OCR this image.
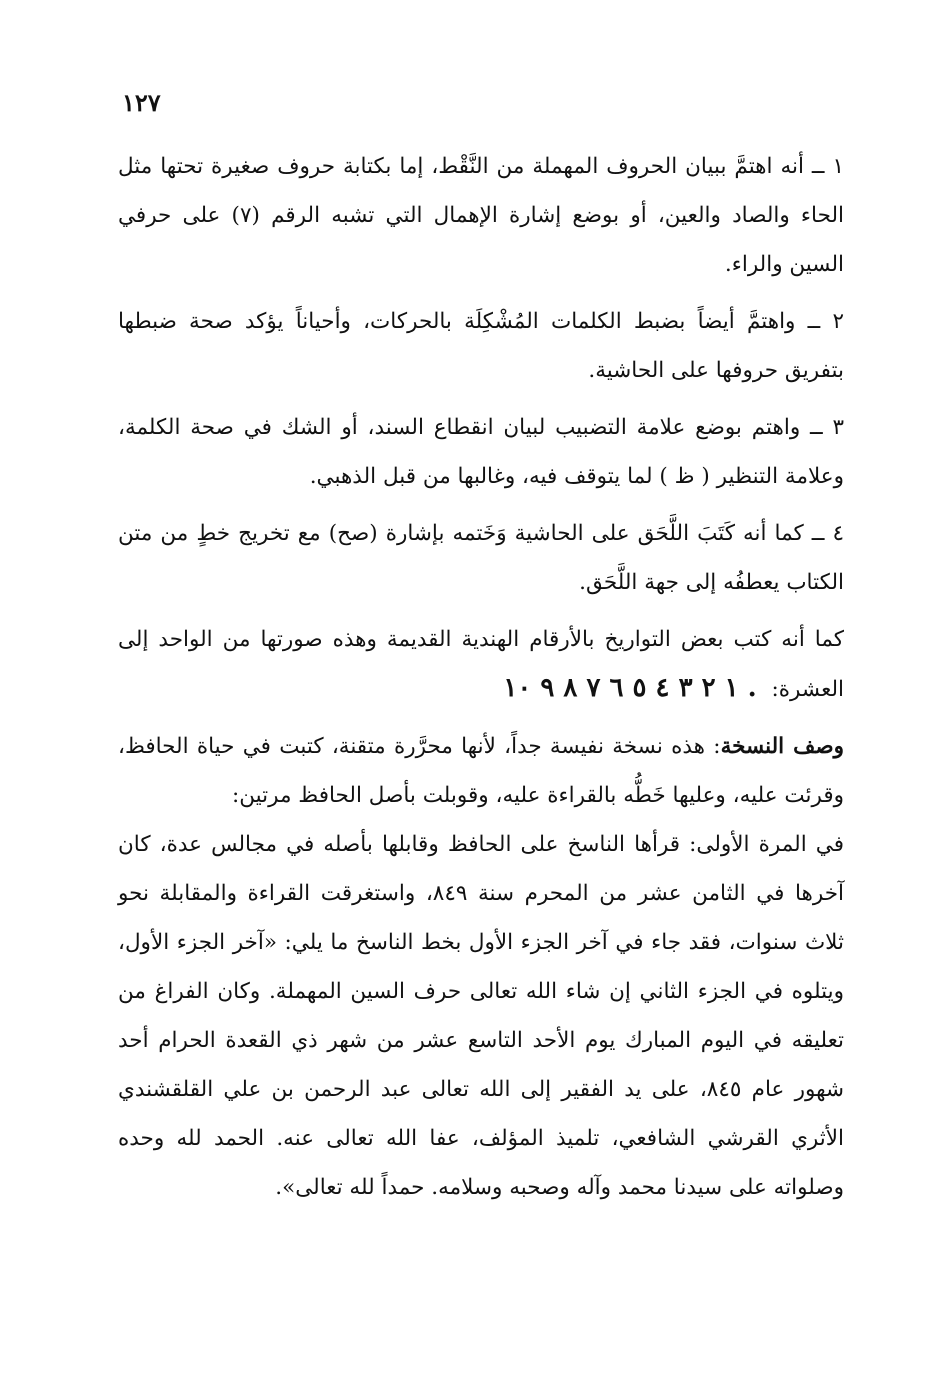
١٢٧

١ ــ أنه اهتمَّ ببيان الحروف المهملة من النَّقْط، إما بكتابة حروف صغيرة تحتها مثل الحاء والصاد والعين، أو بوضع إشارة الإهمال التي تشبه الرقم (٧) على حرفي السين والراء.

٢ ــ واهتمَّ أيضاً بضبط الكلمات المُشْكِلَة بالحركات، وأحياناً يؤكد صحة ضبطها بتفريق حروفها على الحاشية.

٣ ــ واهتم بوضع علامة التضبيب لبيان انقطاع السند، أو الشك في صحة الكلمة، وعلامة التنظير ( ظ ) لما يتوقف فيه، وغالبها من قبل الذهبي.

٤ ــ كما أنه كَتَبَ اللَّحَق على الحاشية وَخَتمه بإشارة (صح) مع تخريج خطٍ من متن الكتاب يعطفُه إلى جهة اللَّحَق.

كما أنه كتب بعض التواريخ بالأرقام الهندية القديمة وهذه صورتها من الواحد إلى العشرة: ١ ٢ ٣ ٤ ٥ ٦ ٧ ٨ ٩ ١٠ .

وصف النسخة: هذه نسخة نفيسة جداً، لأنها محرَّرة متقنة، كتبت في حياة الحافظ، وقرئت عليه، وعليها خَطُّه بالقراءة عليه، وقوبلت بأصل الحافظ مرتين:

في المرة الأولى: قرأها الناسخ على الحافظ وقابلها بأصله في مجالس عدة، كان آخرها في الثامن عشر من المحرم سنة ٨٤٩، واستغرقت القراءة والمقابلة نحو ثلاث سنوات، فقد جاء في آخر الجزء الأول بخط الناسخ ما يلي: «آخر الجزء الأول، ويتلوه في الجزء الثاني إن شاء الله تعالى حرف السين المهملة. وكان الفراغ من تعليقه في اليوم المبارك يوم الأحد التاسع عشر من شهر ذي القعدة الحرام أحد شهور عام ٨٤٥، على يد الفقير إلى الله تعالى عبد الرحمن بن علي القلقشندي الأثري القرشي الشافعي، تلميذ المؤلف، عفا الله تعالى عنه. الحمد لله وحده وصلواته على سيدنا محمد وآله وصحبه وسلامه. حمداً لله تعالى».
